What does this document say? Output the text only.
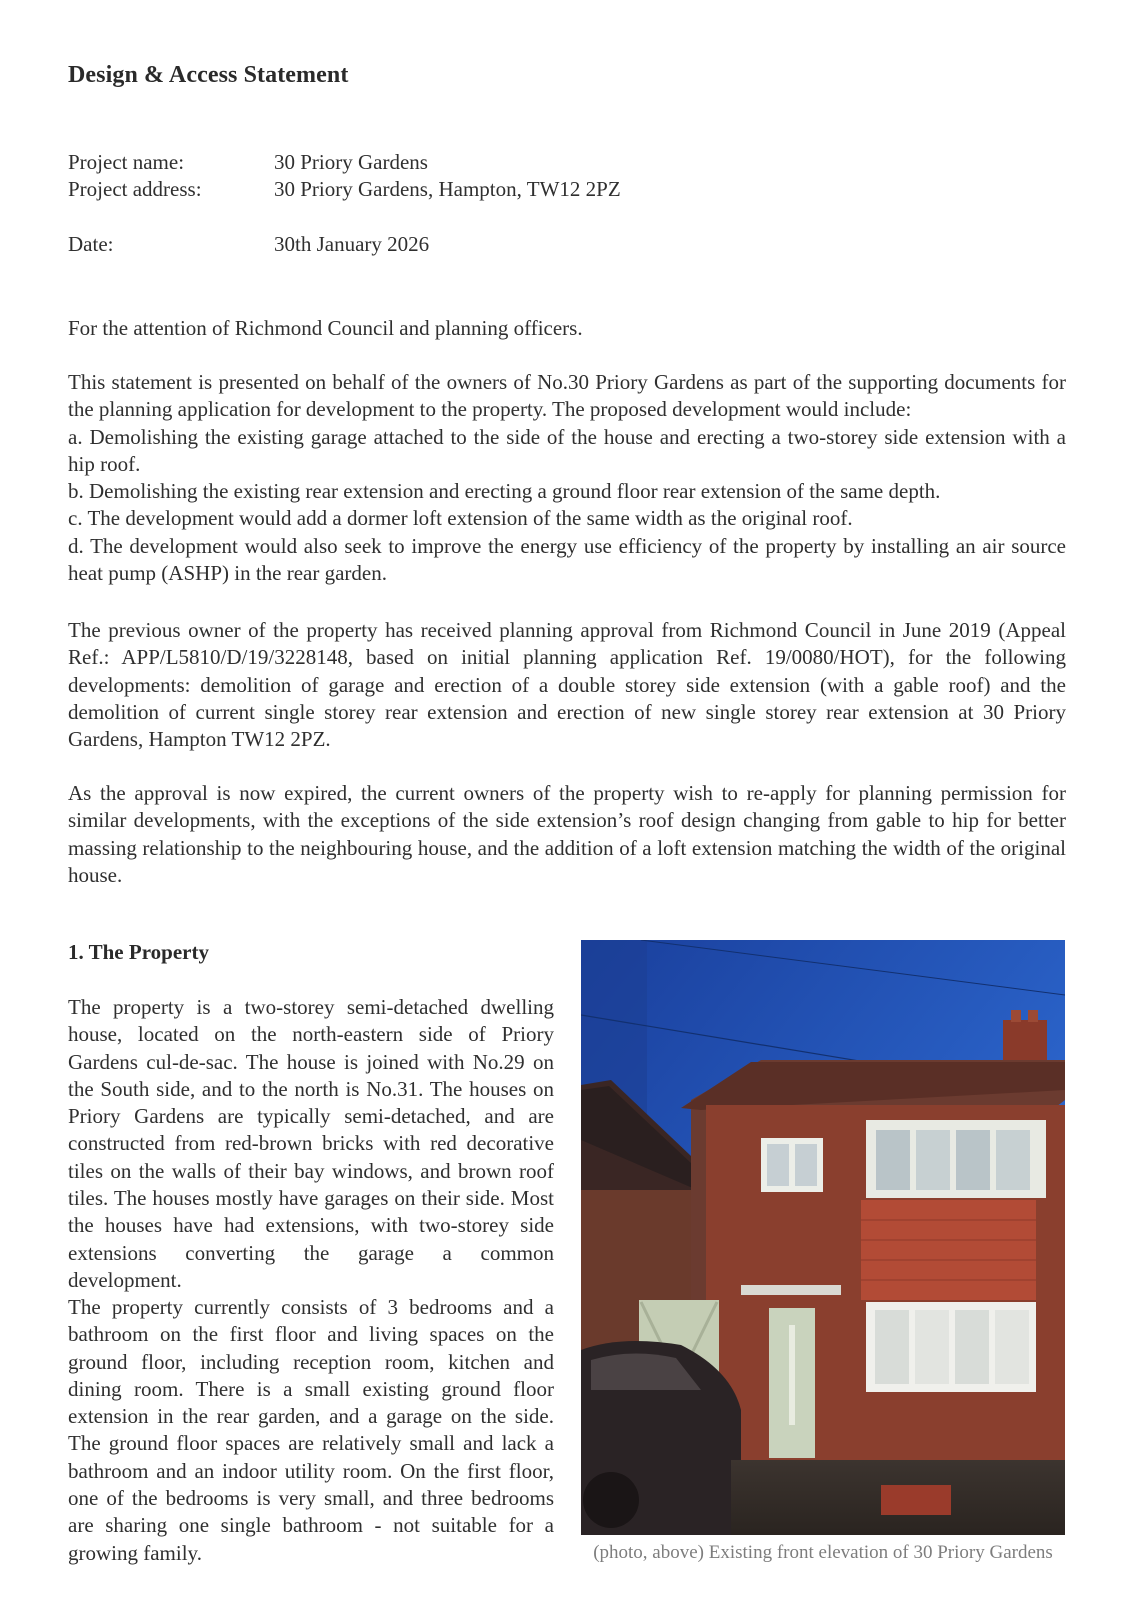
Design & Access Statement
Project name:	30 Priory Gardens
Project address:	30 Priory Gardens, Hampton, TW12 2PZ
Date:	30th January 2026

For the attention of Richmond Council and planning officers.

This statement is presented on behalf of the owners of No.30 Priory Gardens as part of the supporting documents for the planning application for development to the property. The proposed development would include:

a. Demolishing the existing garage attached to the side of the house and erecting a two-storey side extension with a hip roof.

b. Demolishing the existing rear extension and erecting a ground floor rear extension of the same depth.

c. The development would add a dormer loft extension of the same width as the original roof.

d. The development would also seek to improve the energy use efficiency of the property by installing an air source heat pump (ASHP) in the rear garden.

The previous owner of the property has received planning approval from Richmond Council in June 2019 (Appeal Ref.: APP/L5810/D/19/3228148, based on initial planning application Ref. 19/0080/HOT), for the following developments: demolition of garage and erection of a double storey side extension (with a gable roof) and the demolition of current single storey rear extension and erection of new single storey rear extension at 30 Priory Gardens, Hampton TW12 2PZ.

As the approval is now expired, the current owners of the property wish to re-apply for planning permission for similar developments, with the exceptions of the side extension’s roof design changing from gable to hip for better massing relationship to the neighbouring house, and the addition of a loft extension matching the width of the original house.

1. The Property

The property is a two-storey semi-detached dwelling house, located on the north-eastern side of Priory Gardens cul-de-sac. The house is joined with No.29 on the South side, and to the north is No.31. The houses on Priory Gardens are typically semi-detached, and are constructed from red-brown bricks with red decorative tiles on the walls of their bay windows, and brown roof tiles. The houses mostly have garages on their side. Most the houses have had extensions, with two-storey side extensions converting the garage a common development.

The property currently consists of 3 bedrooms and a bathroom on the first floor and living spaces on the ground floor, including reception room, kitchen and dining room. There is a small existing ground floor extension in the rear garden, and a garage on the side. The ground floor spaces are relatively small and lack a bathroom and an indoor utility room. On the first floor, one of the bedrooms is very small, and three bedrooms are sharing one single bathroom - not suitable for a growing family.	(photo, above) Existing front elevation of 30 Priory Gardens
